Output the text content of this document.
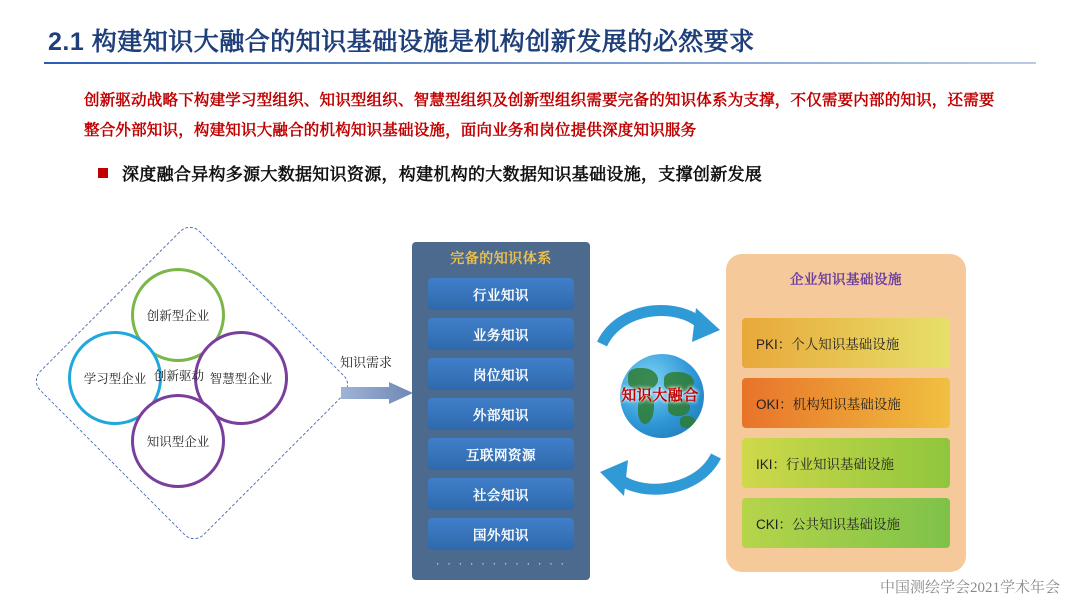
2.1 构建知识大融合的知识基础设施是机构创新发展的必然要求
创新驱动战略下构建学习型组织、知识型组织、智慧型组织及创新型组织需要完备的知识体系为支撑，不仅需要内部的知识，还需要整合外部知识，构建知识大融合的机构知识基础设施，面向业务和岗位提供深度知识服务
深度融合异构多源大数据知识资源，构建机构的大数据知识基础设施，支撑创新发展
创新型企业
学习型企业	智慧型企业
知识型企业
创新驱动
知识需求
完备的知识体系
行业知识
业务知识
岗位知识
外部知识
互联网资源
社会知识
国外知识
· · · · · · · · · · · ·
知识大融合
企业知识基础设施
PKI：个人知识基础设施
OKI：机构知识基础设施
IKI：行业知识基础设施
CKI：公共知识基础设施
中国测绘学会2021学术年会
